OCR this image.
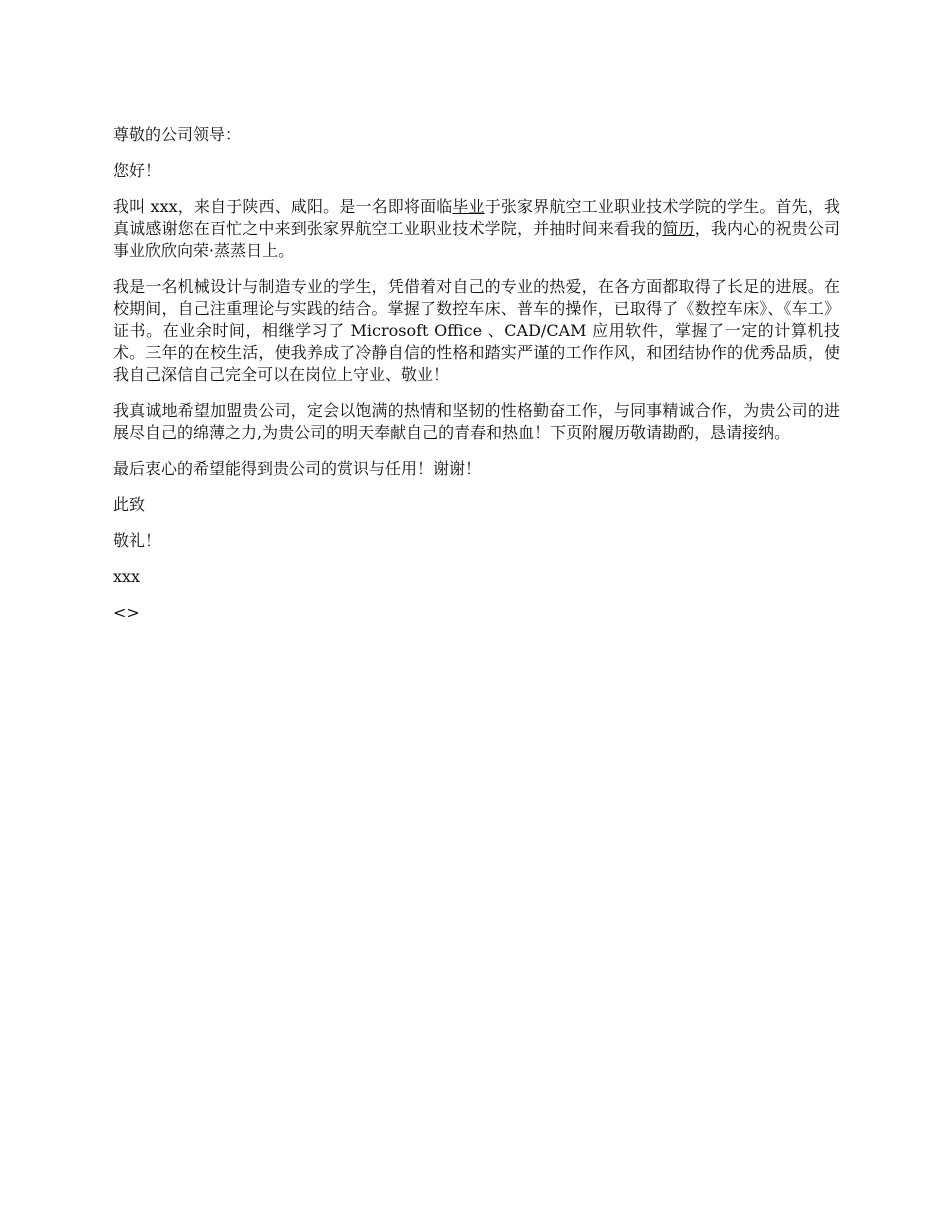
尊敬的公司领导：

您好！

我叫 xxx，来自于陕西、咸阳。是一名即将面临毕业于张家界航空工业职业技术学院的学生。首先，我真诚感谢您在百忙之中来到张家界航空工业职业技术学院，并抽时间来看我的简历，我内心的祝贵公司事业欣欣向荣·蒸蒸日上。

我是一名机械设计与制造专业的学生，凭借着对自己的专业的热爱，在各方面都取得了长足的进展。在校期间，自己注重理论与实践的结合。掌握了数控车床、普车的操作，已取得了《数控车床》、《车工》证书。在业余时间，相继学习了 Microsoft Office 、CAD/CAM 应用软件，掌握了一定的计算机技术。三年的在校生活，使我养成了冷静自信的性格和踏实严谨的工作作风，和团结协作的优秀品质，使我自己深信自己完全可以在岗位上守业、敬业！

我真诚地希望加盟贵公司，定会以饱满的热情和坚韧的性格勤奋工作，与同事精诚合作，为贵公司的进展尽自己的绵薄之力,为贵公司的明天奉献自己的青春和热血！下页附履历敬请勘酌，恳请接纳。

最后衷心的希望能得到贵公司的赏识与任用！谢谢！

此致

敬礼！

xxx

<>
